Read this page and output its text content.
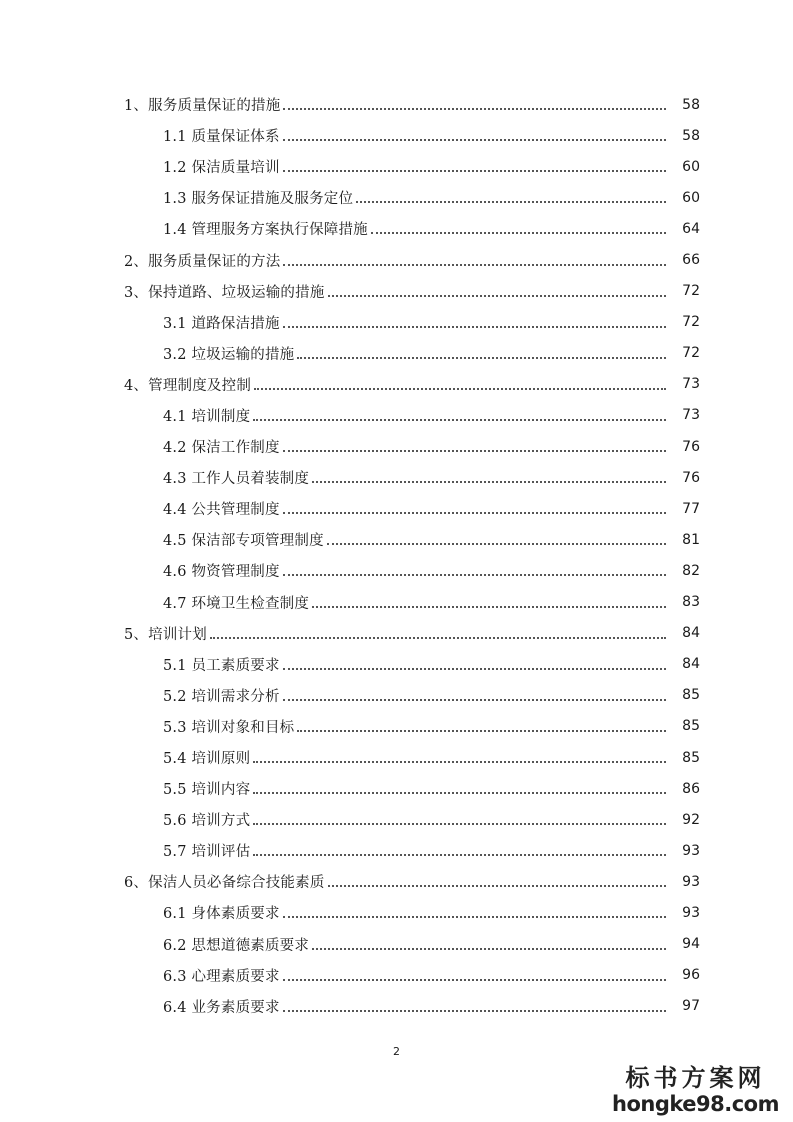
1、服务质量保证的措施	58
1.1 质量保证体系	58
1.2 保洁质量培训	60
1.3 服务保证措施及服务定位	60
1.4 管理服务方案执行保障措施	64
2、服务质量保证的方法	66
3、保持道路、垃圾运输的措施	72
3.1 道路保洁措施	72
3.2 垃圾运输的措施	72
4、管理制度及控制	73
4.1 培训制度	73
4.2 保洁工作制度	76
4.3 工作人员着装制度	76
4.4 公共管理制度	77
4.5 保洁部专项管理制度	81
4.6 物资管理制度	82
4.7 环境卫生检查制度	83
5、培训计划	84
5.1 员工素质要求	84
5.2 培训需求分析	85
5.3 培训对象和目标	85
5.4 培训原则	85
5.5 培训内容	86
5.6 培训方式	92
5.7 培训评估	93
6、保洁人员必备综合技能素质	93
6.1 身体素质要求	93
6.2 思想道德素质要求	94
6.3 心理素质要求	96
6.4 业务素质要求	97
2
标书方案网
hongke98.com
